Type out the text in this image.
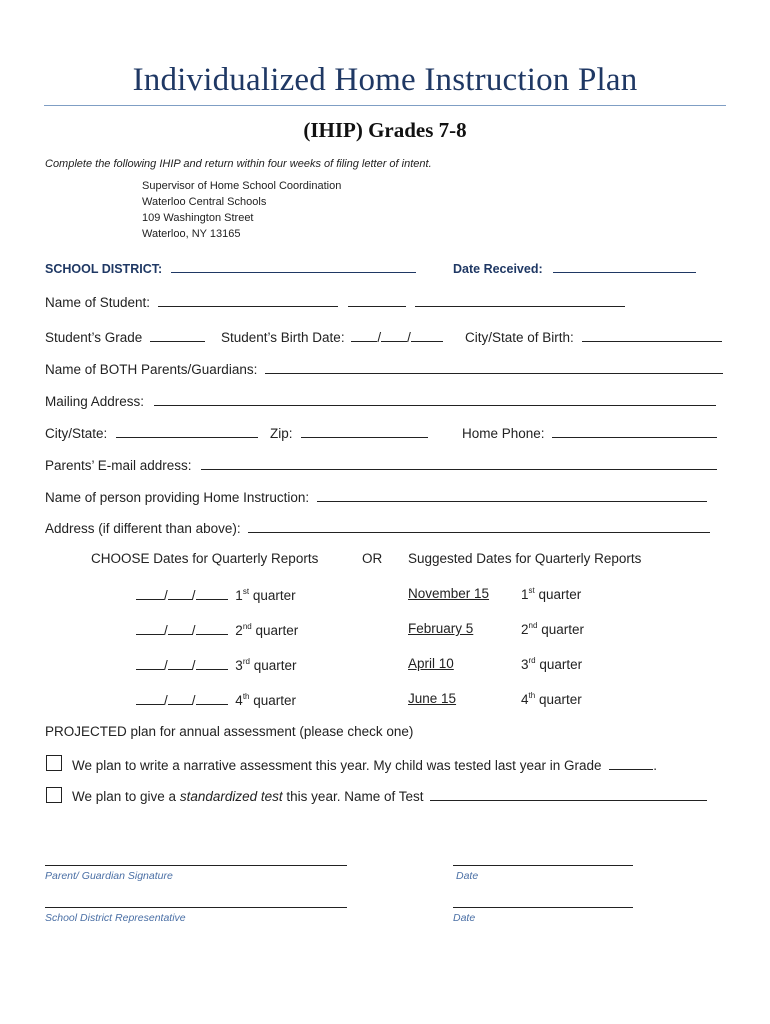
Individualized Home Instruction Plan
(IHIP) Grades 7-8
Complete the following IHIP and return within four weeks of filing letter of intent.
Supervisor of Home School Coordination
Waterloo Central Schools
109 Washington Street
Waterloo, NY 13165
SCHOOL DISTRICT:	Date Received:
Name of Student:
Student’s Grade	Student’s Birth Date: / /	City/State of Birth:
Name of BOTH Parents/Guardians:
Mailing Address:
City/State:	Zip:	Home Phone:
Parents’ E-mail address:
Name of person providing Home Instruction:
Address (if different than above):
CHOOSE Dates for Quarterly Reports	OR Suggested Dates for Quarterly Reports
/ /	1st quarter	November 15 1st quarter
/ /	2nd quarter	February 5	2nd quarter
/ /	3rd quarter	April 10	3rd quarter
/ /	4th quarter	June 15	4th quarter
PROJECTED plan for annual assessment (please check one)
We plan to write a narrative assessment this year. My child was tested last year in Grade	.
We plan to give a standardized test this year. Name of Test
Parent/ Guardian Signature	Date
School District Representative	Date
